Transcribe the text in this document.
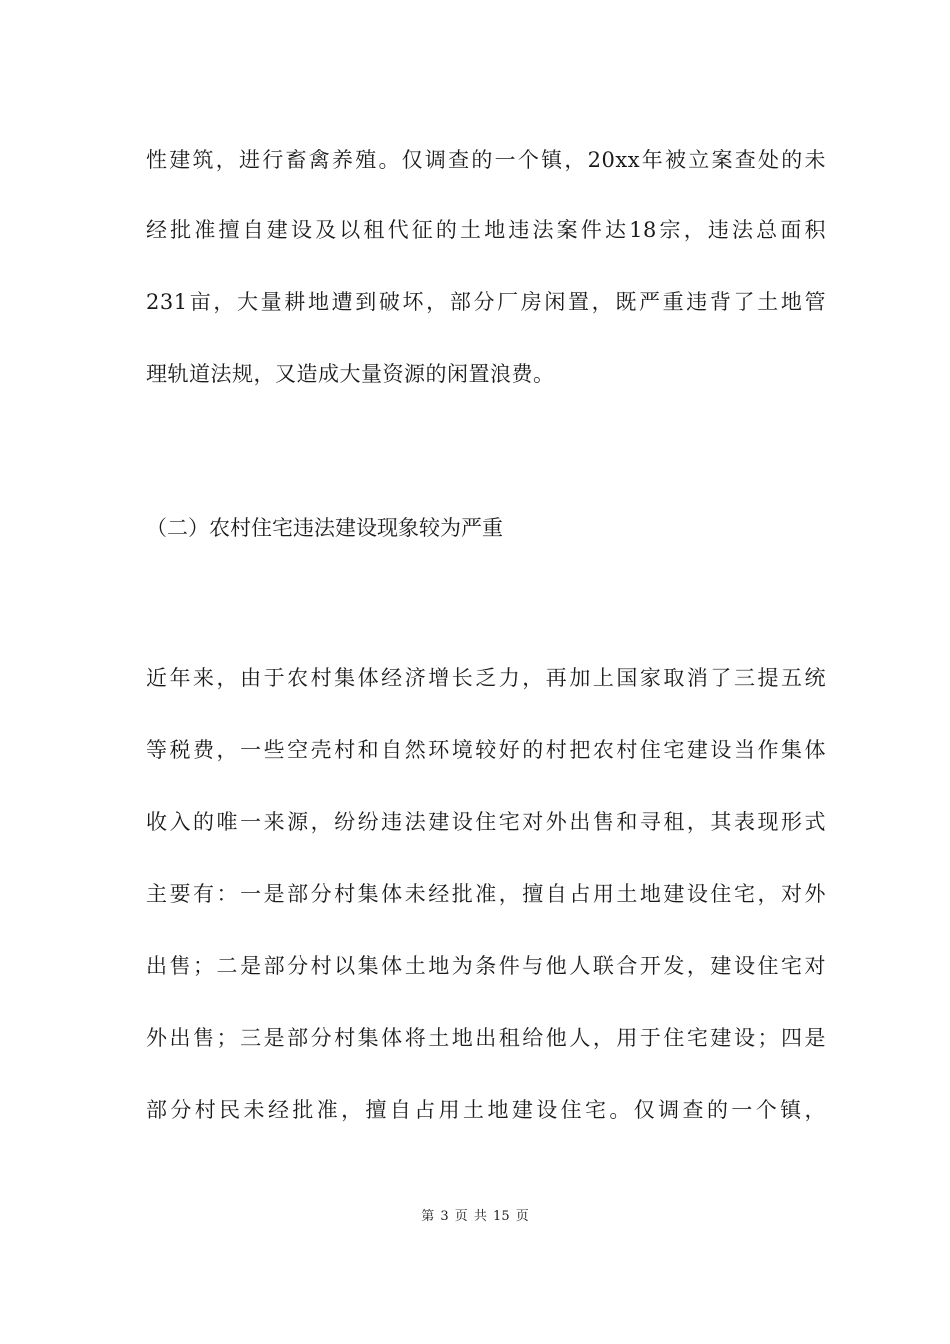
性建筑，进行畜禽养殖。仅调查的一个镇，20xx年被立案查处的未
经批准擅自建设及以租代征的土地违法案件达18宗，违法总面积
231亩，大量耕地遭到破坏，部分厂房闲置，既严重违背了土地管
理轨道法规，又造成大量资源的闲置浪费。
（二）农村住宅违法建设现象较为严重
近年来，由于农村集体经济增长乏力，再加上国家取消了三提五统
等税费，一些空壳村和自然环境较好的村把农村住宅建设当作集体
收入的唯一来源，纷纷违法建设住宅对外出售和寻租，其表现形式
主要有：一是部分村集体未经批准，擅自占用土地建设住宅，对外
出售；二是部分村以集体土地为条件与他人联合开发，建设住宅对
外出售；三是部分村集体将土地出租给他人，用于住宅建设；四是
部分村民未经批准，擅自占用土地建设住宅。仅调查的一个镇，
第 3 页 共 15 页
